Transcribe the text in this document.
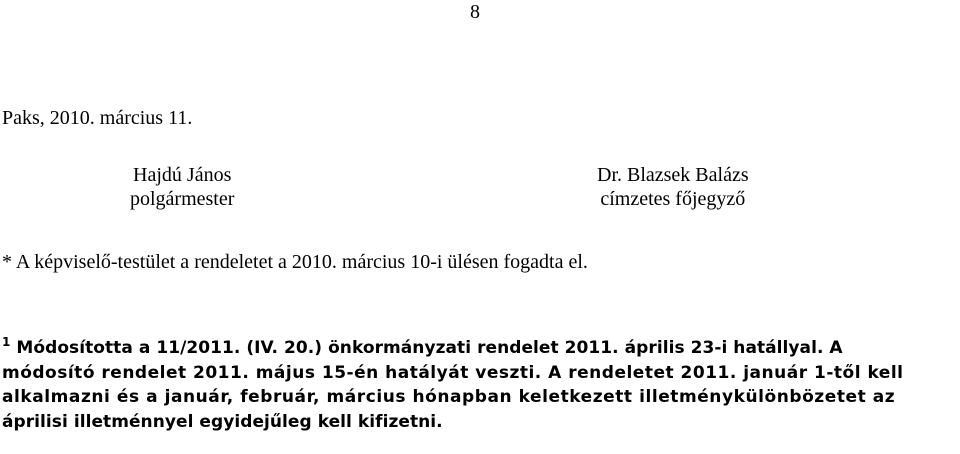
8
Paks, 2010. március 11.
Hajdú János
polgármester
Dr. Blazsek Balázs
címzetes főjegyző
* A képviselő-testület a rendeletet a 2010. március 10-i ülésen fogadta el.
$^1$ Módosította a 11/2011. (IV. 20.) önkormányzati rendelet 2011. április 23-i hatállyal. A
módosító rendelet 2011. május 15-én hatályát veszti. A rendeletet 2011. január 1-től kell
alkalmazni és a január, február, március hónapban keletkezett illetménykülönbözetet az
áprilisi illetménnyel egyidejűleg kell kifizetni.
